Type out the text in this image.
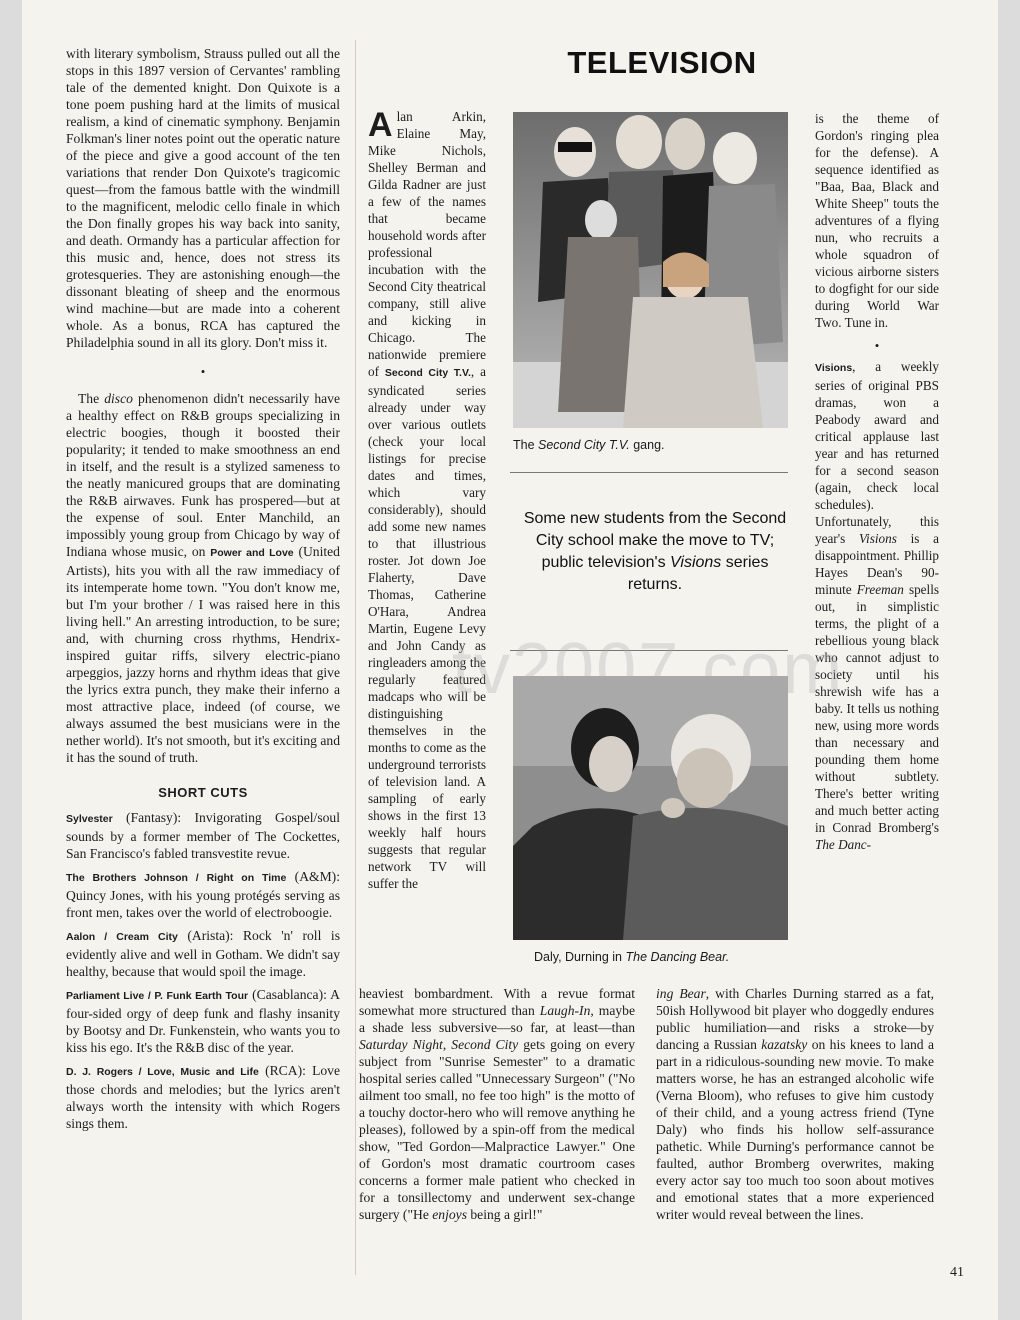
with literary symbolism, Strauss pulled out all the stops in this 1897 version of Cervantes' rambling tale of the demented knight. Don Quixote is a tone poem pushing hard at the limits of musical realism, a kind of cinematic symphony. Benjamin Folkman's liner notes point out the operatic nature of the piece and give a good account of the ten variations that render Don Quixote's tragicomic quest—from the famous battle with the windmill to the magnificent, melodic cello finale in which the Don finally gropes his way back into sanity, and death. Ormandy has a particular affection for this music and, hence, does not stress its grotesqueries. They are astonishing enough—the dissonant bleating of sheep and the enormous wind machine—but are made into a coherent whole. As a bonus, RCA has captured the Philadelphia sound in all its glory. Don't miss it.

•

The disco phenomenon didn't necessarily have a healthy effect on R&B groups specializing in electric boogies, though it boosted their popularity; it tended to make smoothness an end in itself, and the result is a stylized sameness to the neatly manicured groups that are dominating the R&B airwaves. Funk has prospered—but at the expense of soul. Enter Manchild, an impossibly young group from Chicago by way of Indiana whose music, on Power and Love (United Artists), hits you with all the raw immediacy of its intemperate home town. "You don't know me, but I'm your brother / I was raised here in this living hell." An arresting introduction, to be sure; and, with churning cross rhythms, Hendrix-inspired guitar riffs, silvery electric-piano arpeggios, jazzy horns and rhythm ideas that give the lyrics extra punch, they make their inferno a most attractive place, indeed (of course, we always assumed the best musicians were in the nether world). It's not smooth, but it's exciting and it has the sound of truth.

SHORT CUTS

Sylvester (Fantasy): Invigorating Gospel/soul sounds by a former member of The Cockettes, San Francisco's fabled transvestite revue.

The Brothers Johnson / Right on Time (A&M): Quincy Jones, with his young protégés serving as front men, takes over the world of electroboogie.

Aalon / Cream City (Arista): Rock 'n' roll is evidently alive and well in Gotham. We didn't say healthy, because that would spoil the image.

Parliament Live / P. Funk Earth Tour (Casablanca): A four-sided orgy of deep funk and flashy insanity by Bootsy and Dr. Funkenstein, who wants you to kiss his ego. It's the R&B disc of the year.

D. J. Rogers / Love, Music and Life (RCA): Love those chords and melodies; but the lyrics aren't always worth the intensity with which Rogers sings them.

TELEVISION

Alan Arkin, Elaine May, Mike Nichols, Shelley Berman and Gilda Radner are just a few of the names that became household words after professional incubation with the Second City theatrical company, still alive and kicking in Chicago. The nationwide premiere of Second City T.V., a syndicated series already under way over various outlets (check your local listings for precise dates and times, which vary considerably), should add some new names to that illustrious roster. Jot down Joe Flaherty, Dave Thomas, Catherine O'Hara, Andrea Martin, Eugene Levy and John Candy as ringleaders among the regularly featured madcaps who will be distinguishing themselves in the months to come as the underground terrorists of television land. A sampling of early shows in the first 13 weekly half hours suggests that regular network TV will suffer the

The Second City T.V. gang.
Some new students from the Second City school make the move to TV; public television's Visions series returns.
Daly, Durning in The Dancing Bear.

is the theme of Gordon's ringing plea for the defense). A sequence identified as "Baa, Baa, Black and White Sheep" touts the adventures of a flying nun, who recruits a whole squadron of vicious airborne sisters to dogfight for our side during World War Two. Tune in.

•

Visions, a weekly series of original PBS dramas, won a Peabody award and critical applause last year and has returned for a second season (again, check local schedules). Unfortunately, this year's Visions is a disappointment. Phillip Hayes Dean's 90-minute Freeman spells out, in simplistic terms, the plight of a rebellious young black who cannot adjust to society until his shrewish wife has a baby. It tells us nothing new, using more words than necessary and pounding them home without subtlety. There's better writing and much better acting in Conrad Bromberg's The Danc-

heaviest bombardment. With a revue format somewhat more structured than Laugh-In, maybe a shade less subversive—so far, at least—than Saturday Night, Second City gets going on every subject from "Sunrise Semester" to a dramatic hospital series called "Unnecessary Surgeon" ("No ailment too small, no fee too high" is the motto of a touchy doctor-hero who will remove anything he pleases), followed by a spin-off from the medical show, "Ted Gordon—Malpractice Lawyer." One of Gordon's most dramatic courtroom cases concerns a former male patient who checked in for a tonsillectomy and underwent sex-change surgery ("He enjoys being a girl!"

ing Bear, with Charles Durning starred as a fat, 50ish Hollywood bit player who doggedly endures public humiliation—and risks a stroke—by dancing a Russian kazatsky on his knees to land a part in a ridiculous-sounding new movie. To make matters worse, he has an estranged alcoholic wife (Verna Bloom), who refuses to give him custody of their child, and a young actress friend (Tyne Daly) who finds his hollow self-assurance pathetic. While Durning's performance cannot be faulted, author Bromberg overwrites, making every actor say too much too soon about motives and emotional states that a more experienced writer would reveal between the lines.

41
tv2007.com
